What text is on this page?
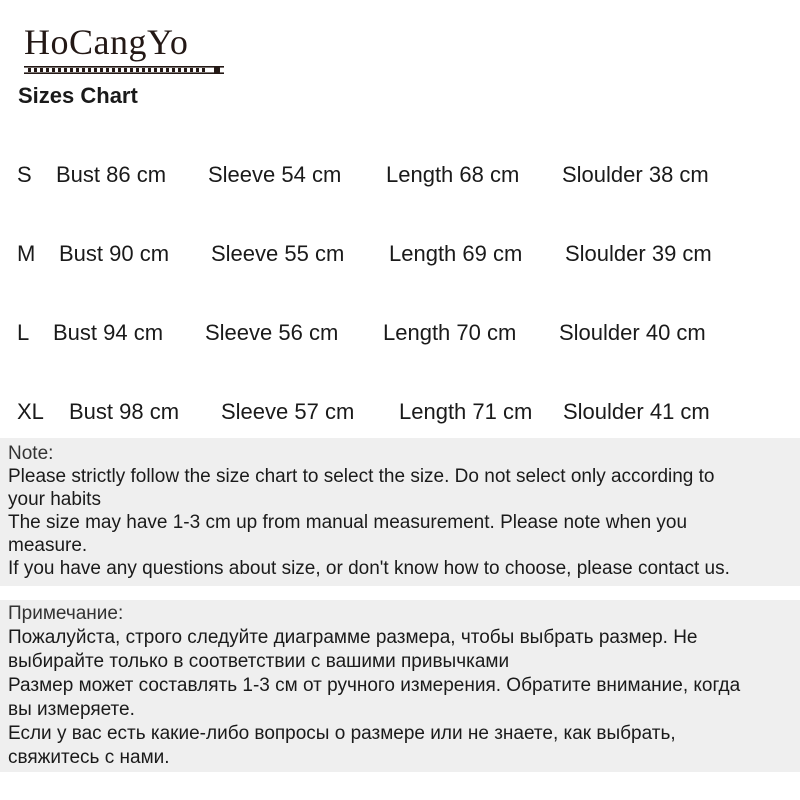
HoCangYo
Sizes Chart
S Bust 86 cm Sleeve 54 cm Length 68 cm Sloulder 38 cm
M Bust 90 cm Sleeve 55 cm Length 69 cm Sloulder 39 cm
L Bust 94 cm Sleeve 56 cm Length 70 cm Sloulder 40 cm
XL Bust 98 cm Sleeve 57 cm Length 71 cm Sloulder 41 cm
Note:
Please strictly follow the size chart to select the size. Do not select only according to
your habits
The size may have 1-3 cm up from manual measurement. Please note when you
measure.
If you have any questions about size, or don't know how to choose, please contact us.
Примечание:
Пожалуйста, строго следуйте диаграмме размера, чтобы выбрать размер. Не
выбирайте только в соответствии с вашими привычками
Размер может составлять 1-3 см от ручного измерения. Обратите внимание, когда
вы измеряете.
Если у вас есть какие-либо вопросы о размере или не знаете, как выбрать,
свяжитесь с нами.
